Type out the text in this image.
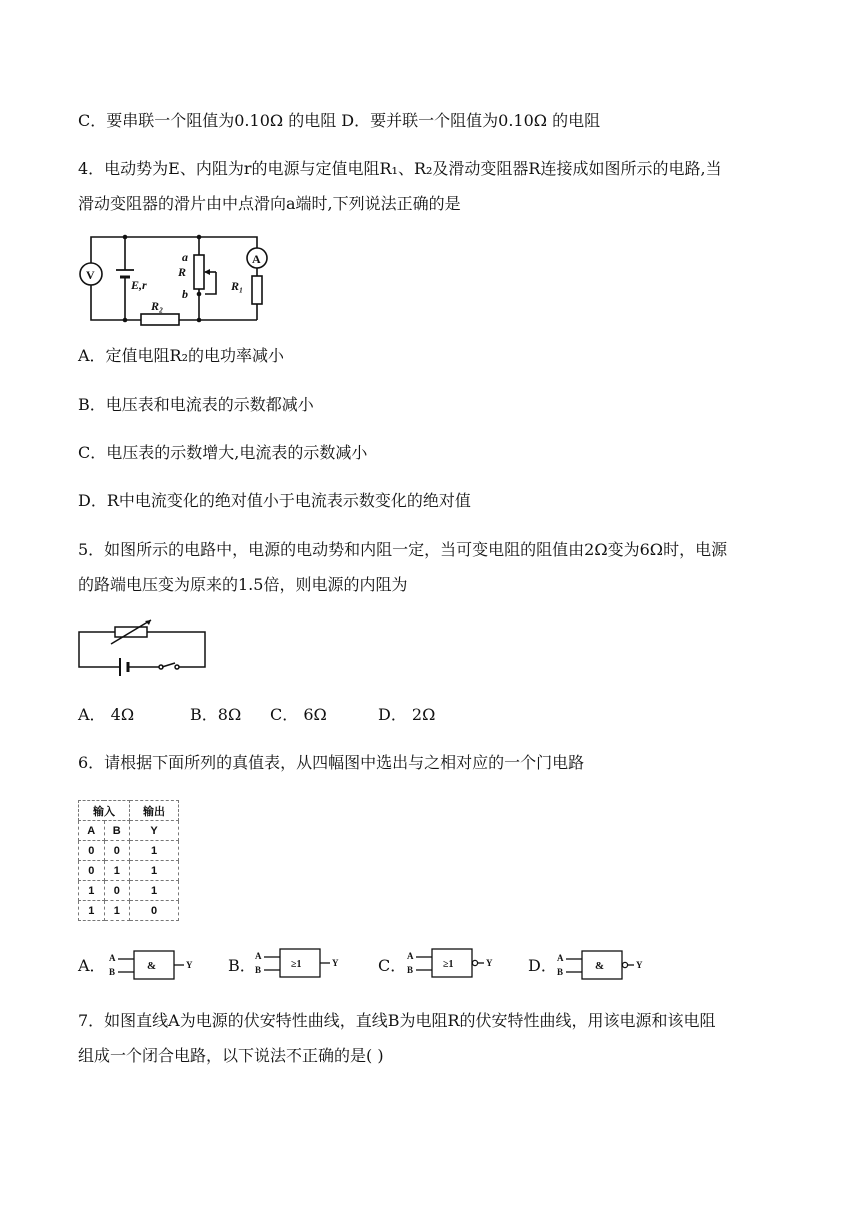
C．要串联一个阻值为0.10Ω 的电阻 D．要并联一个阻值为0.10Ω 的电阻
4．电动势为E、内阻为r的电源与定值电阻R₁、R₂及滑动变阻器R连接成如图所示的电路,当
滑动变阻器的滑片由中点滑向a端时,下列说法正确的是
V
A
E,r
R₂
R₁
a
R
b
A．定值电阻R₂的电功率减小
B．电压表和电流表的示数都减小
C．电压表的示数增大,电流表的示数减小
D．R中电流变化的绝对值小于电流表示数变化的绝对值
5．如图所示的电路中，电源的电动势和内阻一定，当可变电阻的阻值由2Ω变为6Ω时，电源
的路端电压变为原来的1.5倍，则电源的内阻为
A． 4Ω	B．8Ω C． 6Ω	D． 2Ω
6．请根据下面所列的真值表，从四幅图中选出与之相对应的一个门电路
输入		输出
A	B	Y
0	0	1
0	1	1
1	0	1
1	1	0
A． A
B
Y
&	B． A
B
Y
≥1	C． A
B
Y
≥1	D． A
B
Y
&
7．如图直线A为电源的伏安特性曲线，直线B为电阻R的伏安特性曲线，用该电源和该电阻
组成一个闭合电路，以下说法不正确的是( )
